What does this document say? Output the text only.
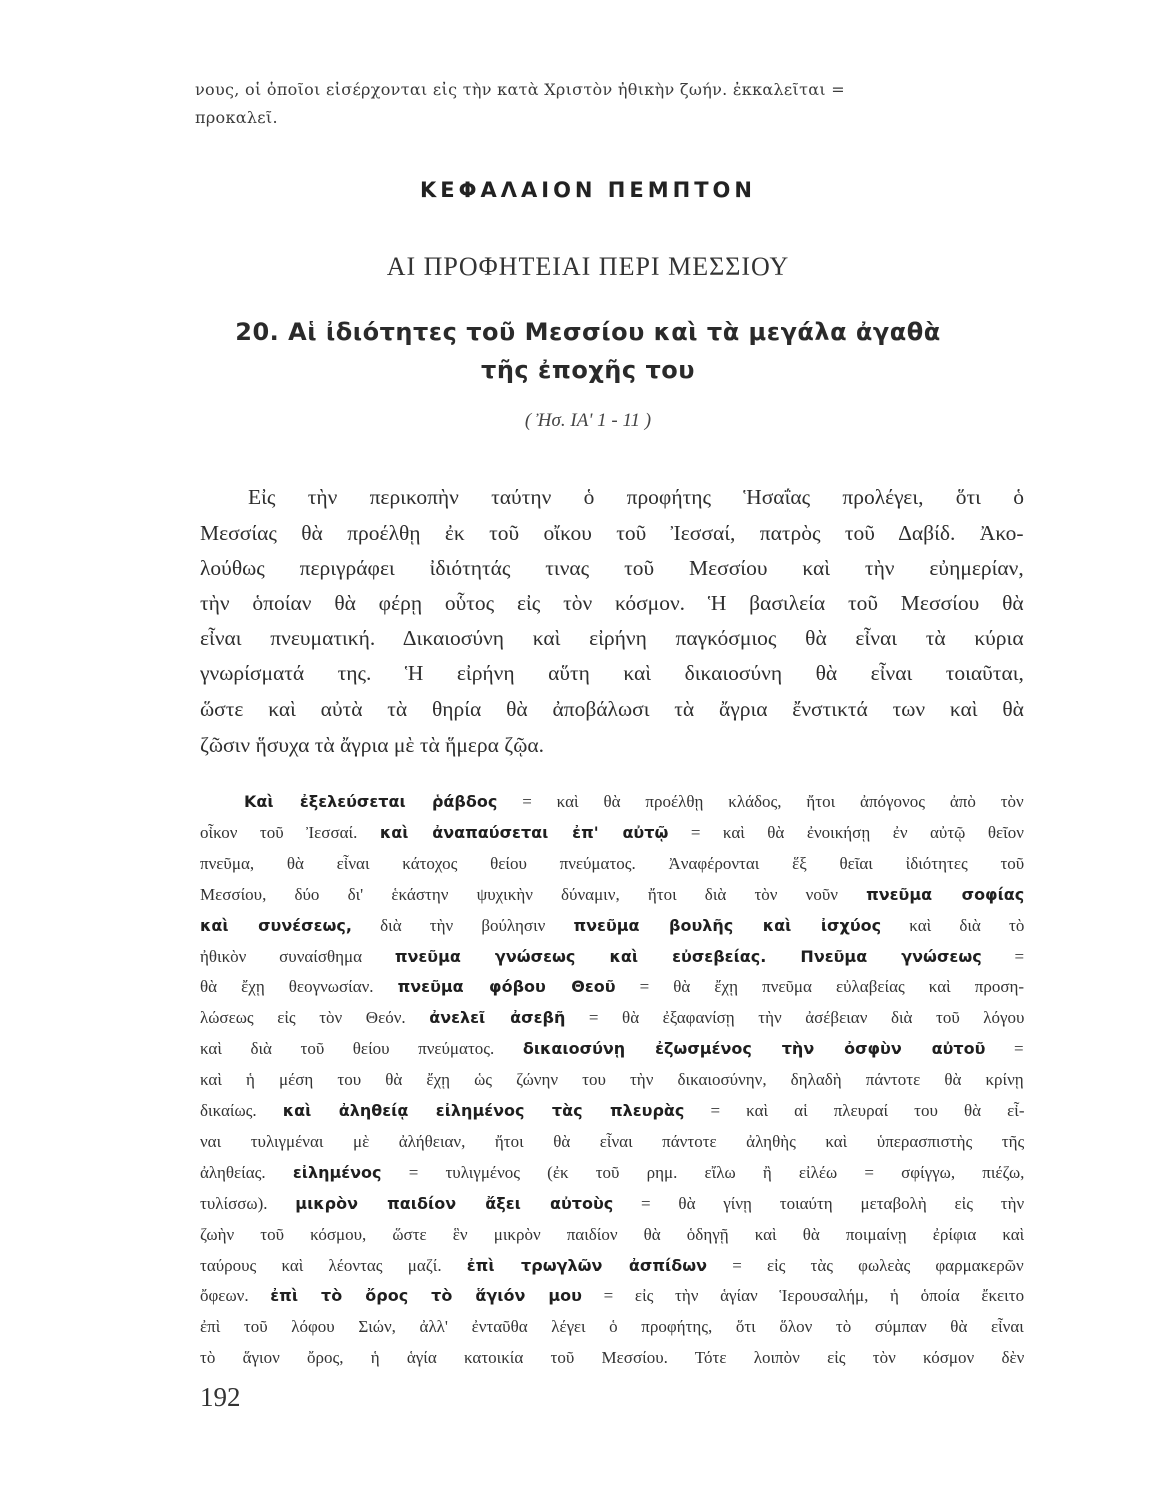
νους, οἱ ὁποῖοι εἰσέρχονται εἰς τὴν κατὰ Χριστὸν ἠθικὴν ζωήν. ἐκκαλεῖται =
προκαλεῖ.
ΚΕΦΑΛΑΙΟΝ ΠΕΜΠΤΟΝ
ΑΙ ΠΡΟΦΗΤΕΙΑΙ ΠΕΡΙ ΜΕΣΣΙΟΥ
20. Αἱ ἰδιότητες τοῦ Μεσσίου καὶ τὰ μεγάλα ἀγαθὰ
τῆς ἐποχῆς του
( Ἠσ. ΙΑ' 1 - 11 )
Εἰς τὴν περικοπὴν ταύτην ὁ προφήτης Ἡσαΐας προλέγει, ὅτι ὁ
Μεσσίας θὰ προέλθῃ ἐκ τοῦ οἴκου τοῦ Ἰεσσαί, πατρὸς τοῦ Δαβίδ. Ἀκο-
λούθως περιγράφει ἰδιότητάς τινας τοῦ Μεσσίου καὶ τὴν εὐημερίαν,
τὴν ὁποίαν θὰ φέρῃ οὗτος εἰς τὸν κόσμον. Ἡ βασιλεία τοῦ Μεσσίου θὰ
εἶναι πνευματική. Δικαιοσύνη καὶ εἰρήνη παγκόσμιος θὰ εἶναι τὰ κύρια
γνωρίσματά της. Ἡ εἰρήνη αὕτη καὶ δικαιοσύνη θὰ εἶναι τοιαῦται,
ὥστε καὶ αὐτὰ τὰ θηρία θὰ ἀποβάλωσι τὰ ἄγρια ἔνστικτά των καὶ θὰ
ζῶσιν ἥσυχα τὰ ἄγρια μὲ τὰ ἥμερα ζῷα.
Καὶ ἐξελεύσεται ῥάβδος = καὶ θὰ προέλθῃ κλάδος, ἤτοι ἀπόγονος ἀπὸ τὸν
οἶκον τοῦ Ἰεσσαί. καὶ ἀναπαύσεται ἐπ' αὐτῷ = καὶ θὰ ἐνοικήσῃ ἐν αὐτῷ θεῖον
πνεῦμα, θὰ εἶναι κάτοχος θείου πνεύματος. Ἀναφέρονται ἕξ θεῖαι ἰδιότητες τοῦ
Μεσσίου, δύο δι' ἑκάστην ψυχικὴν δύναμιν, ἤτοι διὰ τὸν νοῦν πνεῦμα σοφίας
καὶ συνέσεως, διὰ τὴν βούλησιν πνεῦμα βουλῆς καὶ ἰσχύος καὶ διὰ τὸ
ἠθικὸν συναίσθημα πνεῦμα γνώσεως καὶ εὐσεβείας. Πνεῦμα γνώσεως =
θὰ ἔχῃ θεογνωσίαν. πνεῦμα φόβου Θεοῦ = θὰ ἔχῃ πνεῦμα εὐλαβείας καὶ προση-
λώσεως εἰς τὸν Θεόν. ἀνελεῖ ἀσεβῆ = θὰ ἐξαφανίσῃ τὴν ἀσέβειαν διὰ τοῦ λόγου
καὶ διὰ τοῦ θείου πνεύματος. δικαιοσύνῃ ἐζωσμένος τὴν ὀσφὺν αὐτοῦ =
καὶ ἡ μέση του θὰ ἔχῃ ὡς ζώνην του τὴν δικαιοσύνην, δηλαδὴ πάντοτε θὰ κρίνῃ
δικαίως. καὶ ἀληθείᾳ εἰλημένος τὰς πλευρὰς = καὶ αἱ πλευραί του θὰ εἶ-
ναι τυλιγμέναι μὲ ἀλήθειαν, ἤτοι θὰ εἶναι πάντοτε ἀληθὴς καὶ ὑπερασπιστὴς τῆς
ἀληθείας. εἰλημένος = τυλιγμένος (ἐκ τοῦ ρημ. εἴλω ἢ εἰλέω = σφίγγω, πιέζω,
τυλίσσω). μικρὸν παιδίον ἄξει αὐτοὺς = θὰ γίνῃ τοιαύτη μεταβολὴ εἰς τὴν
ζωὴν τοῦ κόσμου, ὥστε ἓν μικρὸν παιδίον θὰ ὁδηγῇ καὶ θὰ ποιμαίνῃ ἐρίφια καὶ
ταύρους καὶ λέοντας μαζί. ἐπὶ τρωγλῶν ἀσπίδων = εἰς τὰς φωλεὰς φαρμακερῶν
ὄφεων. ἐπὶ τὸ ὄρος τὸ ἅγιόν μου = εἰς τὴν ἁγίαν Ἱερουσαλήμ, ἡ ὁποία ἔκειτο
ἐπὶ τοῦ λόφου Σιών, ἀλλ' ἐνταῦθα λέγει ὁ προφήτης, ὅτι ὅλον τὸ σύμπαν θὰ εἶναι
τὸ ἅγιον ὄρος, ἡ ἁγία κατοικία τοῦ Μεσσίου. Τότε λοιπὸν εἰς τὸν κόσμον δὲν
192
